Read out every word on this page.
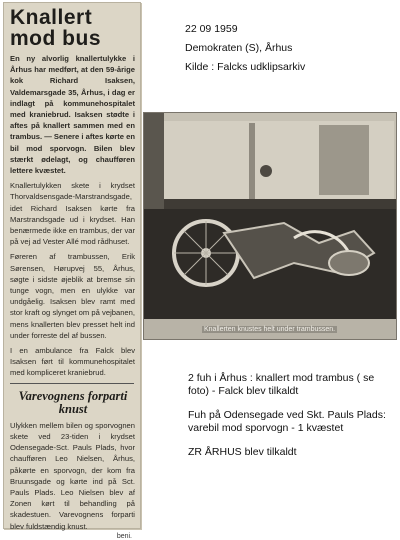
Knallert mod bus
En ny alvorlig knallertulykke i Århus har medført, at den 59-årige kok Richard Isaksen, Valdemarsgade 35, Århus, i dag er indlagt på kommunehospitalet med kraniebrud. Isaksen stødte i aftes på knallert sammen med en trambus. — Senere i aftes kørte en bil mod sporvogn. Bilen blev stærkt ødelagt, og chaufføren lettere kvæstet.
Knallertulykken skete i krydset Thorvaldsensgade-Marstrandsgade, idet Richard Isaksen kørte fra Marstrandsgade ud i krydset. Han benærmede ikke en trambus, der var på vej ad Vester Allé mod rådhuset.
Føreren af trambussen, Erik Sørensen, Hørupvej 55, Århus, søgte i sidste øjeblik at bremse sin tunge vogn, men en ulykke var undgåelig. Isaksen blev ramt med stor kraft og slynget om på vejbanen, mens knallerten blev presset helt ind under forreste del af bussen.
I en ambulance fra Falck blev Isaksen ført til kommunehospitalet med kompliceret kraniebrud.
Varevognens forparti knust
Ulykken mellem bilen og sporvognen skete ved 23-tiden i krydset Odensegade-Sct. Pauls Plads, hvor chaufføren Leo Nielsen, Århus, påkørte en sporvogn, der kom fra Bruunsgade og kørte ind på Sct. Pauls Plads. Leo Nielsen blev af Zonen kørt til behandling på skadestuen. Varevognens forparti blev fuldstændig knust.
beni.
22 09 1959
Demokraten (S), Århus
Kilde : Falcks udklipsarkiv
Knallerten knustes helt under trambussen.

2 fuh i Århus : knallert mod trambus ( se foto) - Falck blev tilkaldt

Fuh på Odensegade ved Skt. Pauls Plads: varebil mod sporvogn - 1 kvæstet

ZR ÅRHUS blev tilkaldt
